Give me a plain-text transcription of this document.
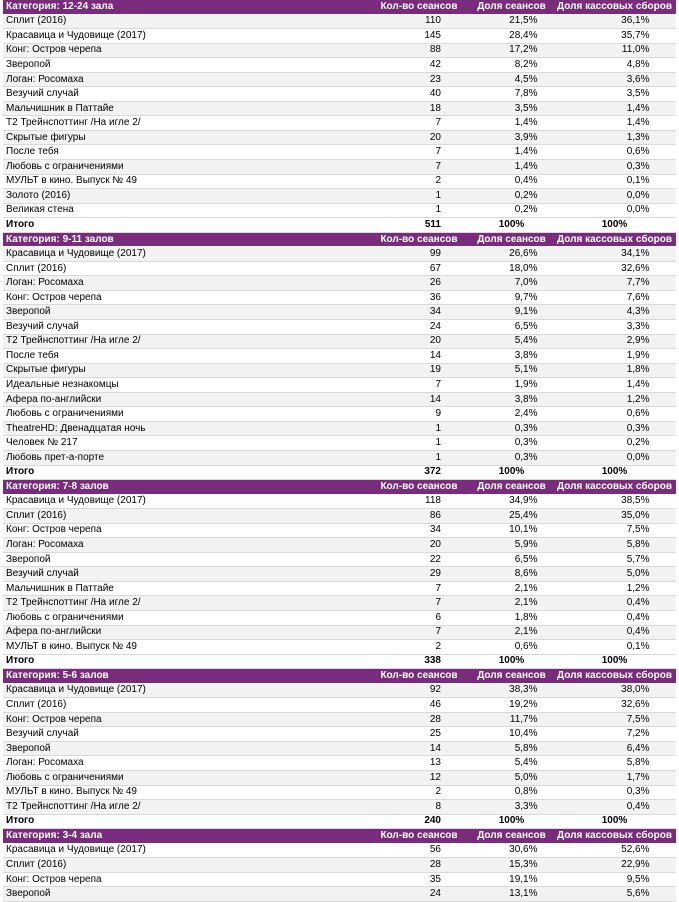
Категория: 12-24 зала	Кол-во сеансов	Доля сеансов	Доля кассовых сборов
Сплит (2016)	110	21,5%	36,1%
Красавица и Чудовище (2017)	145	28,4%	35,7%
Конг: Остров черепа	88	17,2%	11,0%
Зверопой	42	8,2%	4,8%
Логан: Росомаха	23	4,5%	3,6%
Везучий случай	40	7,8%	3,5%
Мальчишник в Паттайе	18	3,5%	1,4%
Т2 Трейнспоттинг /На игле 2/	7	1,4%	1,4%
Скрытые фигуры	20	3,9%	1,3%
После тебя	7	1,4%	0,6%
Любовь с ограничениями	7	1,4%	0,3%
МУЛЬТ в кино. Выпуск № 49	2	0,4%	0,1%
Золото (2016)	1	0,2%	0,0%
Великая стена	1	0,2%	0,0%
Итого	511	100%	100%
Категория: 9-11 залов	Кол-во сеансов	Доля сеансов	Доля кассовых сборов
Красавица и Чудовище (2017)	99	26,6%	34,1%
Сплит (2016)	67	18,0%	32,6%
Логан: Росомаха	26	7,0%	7,7%
Конг: Остров черепа	36	9,7%	7,6%
Зверопой	34	9,1%	4,3%
Везучий случай	24	6,5%	3,3%
Т2 Трейнспоттинг /На игле 2/	20	5,4%	2,9%
После тебя	14	3,8%	1,9%
Скрытые фигуры	19	5,1%	1,8%
Идеальные незнакомцы	7	1,9%	1,4%
Афера по-английски	14	3,8%	1,2%
Любовь с ограничениями	9	2,4%	0,6%
TheatreHD: Двенадцатая ночь	1	0,3%	0,3%
Человек № 217	1	0,3%	0,2%
Любовь прет-а-порте	1	0,3%	0,0%
Итого	372	100%	100%
Категория: 7-8 залов	Кол-во сеансов	Доля сеансов	Доля кассовых сборов
Красавица и Чудовище (2017)	118	34,9%	38,5%
Сплит (2016)	86	25,4%	35,0%
Конг: Остров черепа	34	10,1%	7,5%
Логан: Росомаха	20	5,9%	5,8%
Зверопой	22	6,5%	5,7%
Везучий случай	29	8,6%	5,0%
Мальчишник в Паттайе	7	2,1%	1,2%
Т2 Трейнспоттинг /На игле 2/	7	2,1%	0,4%
Любовь с ограничениями	6	1,8%	0,4%
Афера по-английски	7	2,1%	0,4%
МУЛЬТ в кино. Выпуск № 49	2	0,6%	0,1%
Итого	338	100%	100%
Категория: 5-6 залов	Кол-во сеансов	Доля сеансов	Доля кассовых сборов
Красавица и Чудовище (2017)	92	38,3%	38,0%
Сплит (2016)	46	19,2%	32,6%
Конг: Остров черепа	28	11,7%	7,5%
Везучий случай	25	10,4%	7,2%
Зверопой	14	5,8%	6,4%
Логан: Росомаха	13	5,4%	5,8%
Любовь с ограничениями	12	5,0%	1,7%
МУЛЬТ в кино. Выпуск № 49	2	0,8%	0,3%
Т2 Трейнспоттинг /На игле 2/	8	3,3%	0,4%
Итого	240	100%	100%
Категория: 3-4 зала	Кол-во сеансов	Доля сеансов	Доля кассовых сборов
Красавица и Чудовище (2017)	56	30,6%	52,6%
Сплит (2016)	28	15,3%	22,9%
Конг: Остров черепа	35	19,1%	9,5%
Зверопой	24	13,1%	5,6%
